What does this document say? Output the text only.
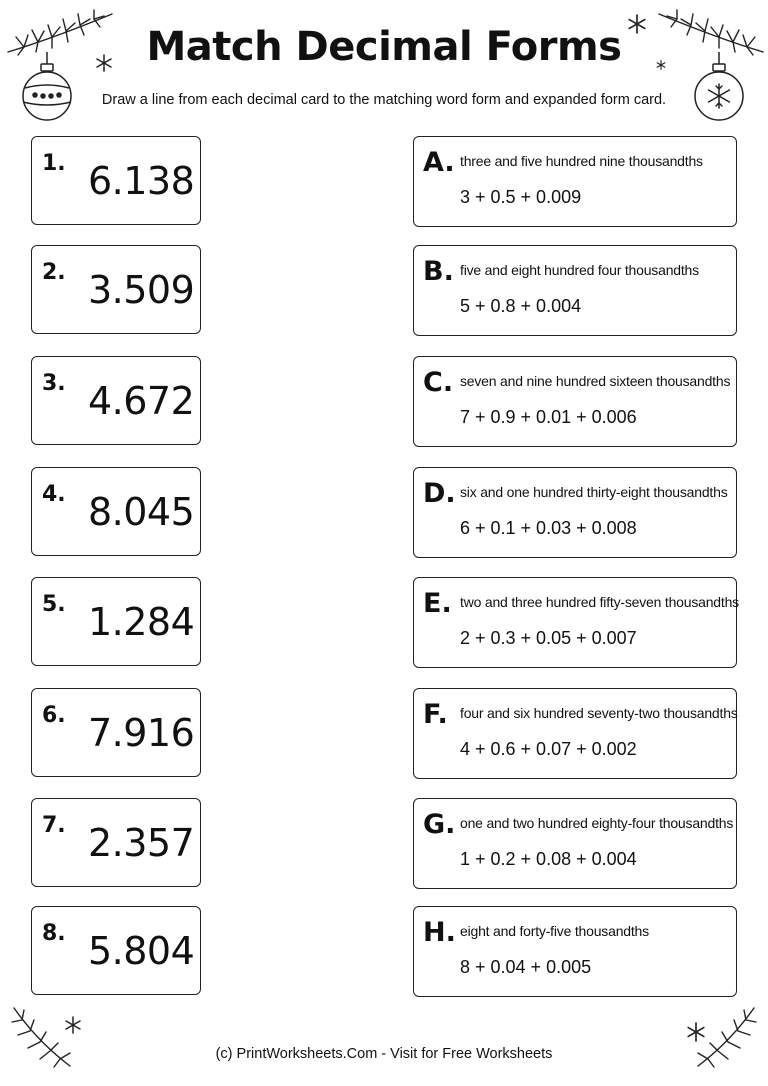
Match Decimal Forms
Draw a line from each decimal card to the matching word form and expanded form card.
1. 6.138
2. 3.509
3. 4.672
4. 8.045
5. 1.284
6. 7.916
7. 2.357
8. 5.804
A. three and five hundred nine thousandths
3 + 0.5 + 0.009
B. five and eight hundred four thousandths
5 + 0.8 + 0.004
C. seven and nine hundred sixteen thousandths
7 + 0.9 + 0.01 + 0.006
D. six and one hundred thirty-eight thousandths
6 + 0.1 + 0.03 + 0.008
E. two and three hundred fifty-seven thousandths
2 + 0.3 + 0.05 + 0.007
F. four and six hundred seventy-two thousandths
4 + 0.6 + 0.07 + 0.002
G. one and two hundred eighty-four thousandths
1 + 0.2 + 0.08 + 0.004
H. eight and forty-five thousandths
8 + 0.04 + 0.005
(c) PrintWorksheets.Com - Visit for Free Worksheets
